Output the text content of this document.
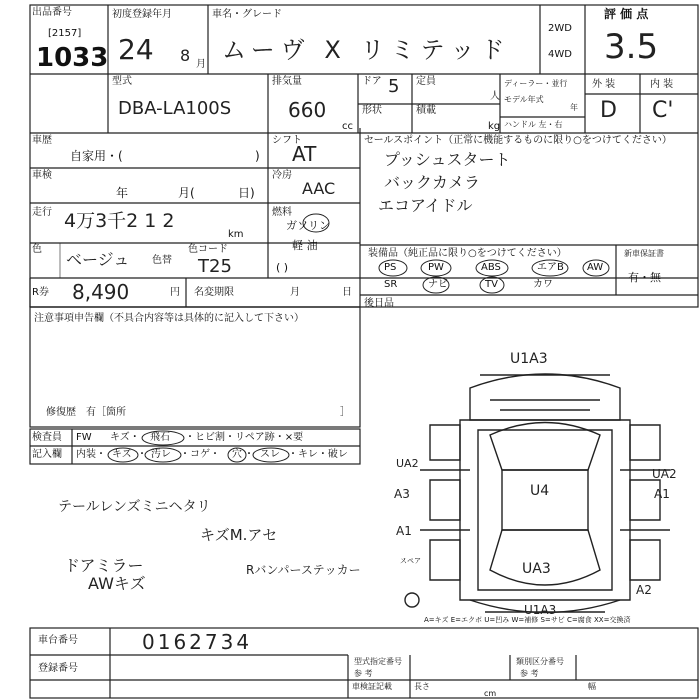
出品番号
[2157]
1033
初度登録年月
24 8 月
車名・グレード
ムーヴ X リミテッド
2WD
4WD
評 価 点
3.5
型式
DBA-LA100S
排気量
660
cc
ドア 5 定員
人
形状	積載
kg
ディーラー・並行
モデル年式
年
ハンドル 左・右
外 装	内 装
D C'
車歴
自家用・(	)
シフト
AT
車検
年	月(	日)
冷房
AAC
走行 4万3千2 1 2
km
燃料
ガソリン
軽 油
( )
色
ベージュ 色替
色コード
T25
R券 8,490	円 名変期限	月	日
セールスポイント（正常に機能するものに限り○をつけてください）
プッシュスタート
バックカメラ
エコアイドル
装備品（純正品に限り○をつけてください）
PS	PW	ABS	エアB AW
SR	ナビ	TV	カワ
新車保証書
有・無
注意事項申告欄（不具合内容等は具体的に記入して下さい）
修復歴　有［箇所	］
後日品
検査員 FW キズ・ 飛石 ・ヒビ割・リペア跡・×要
記入欄 内装・ キズ ・ 汚レ ・コゲ・ 穴 ・ スレ ・キレ・破レ
テールレンズミニヘタリ
キズM.アセ
ドアミラー
AWキズ
Rバンパーステッカー
U1A3
UA2
A3
A1
UA2
A1
A2
U4
UA3
U1A3
スペア
A=キズ E=エクボ U=凹み W=補修 S=サビ C=腐食 XX=交換済
車台番号	0162734
登録番号
型式指定番号	類別区分番号
参 考	参 考
車検証記載	長さ
cm
幅
